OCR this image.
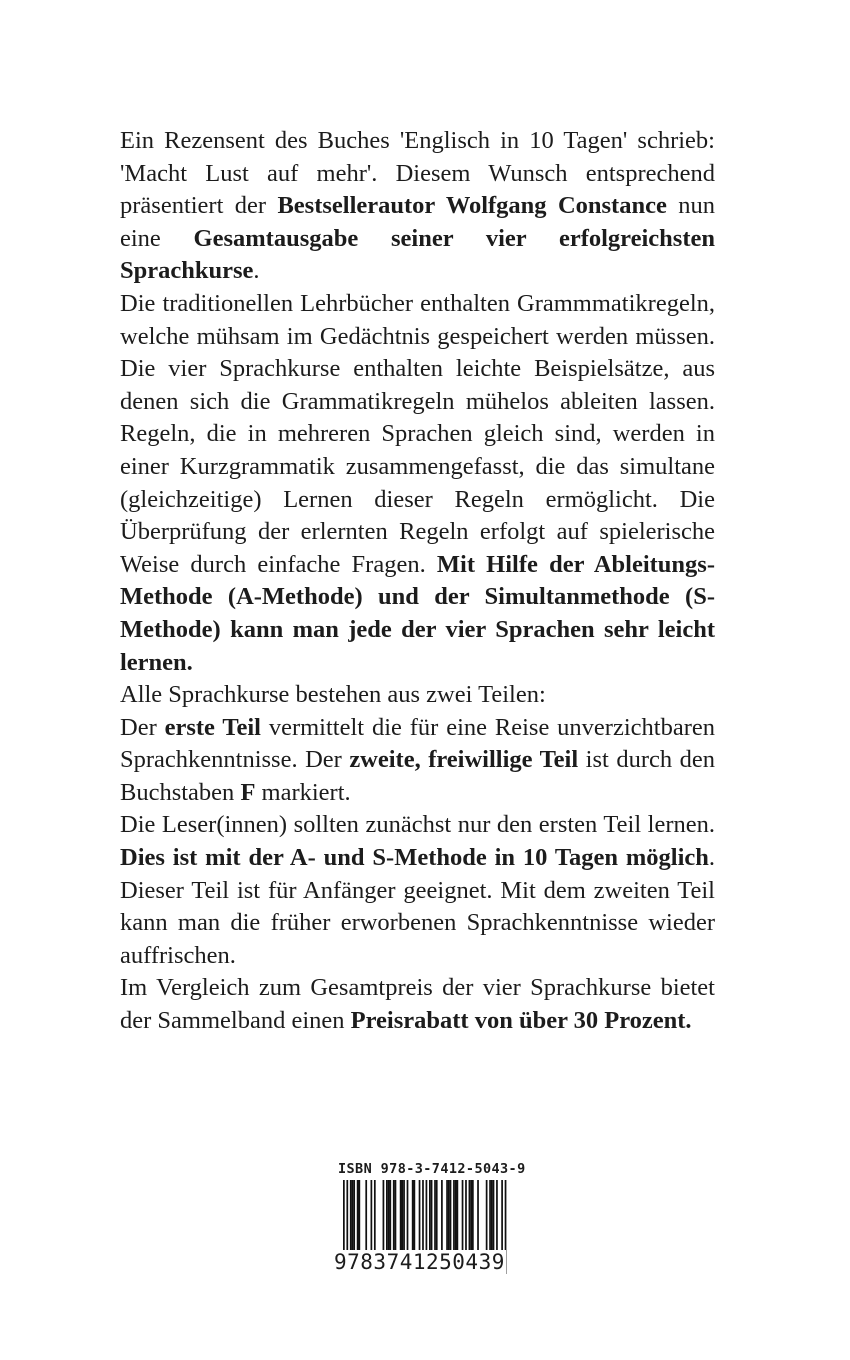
Ein Rezensent des Buches 'Englisch in 10 Tagen' schrieb: 'Macht Lust auf mehr'. Diesem Wunsch entsprechend präsentiert der Bestsellerautor Wolfgang Constance nun eine Gesamtausgabe seiner vier erfolgreichsten Sprachkurse.

Die traditionellen Lehrbücher enthalten Grammmatikregeln, welche mühsam im Gedächtnis gespeichert werden müssen. Die vier Sprachkurse enthalten leichte Beispielsätze, aus denen sich die Grammatikregeln mühelos ableiten lassen. Regeln, die in mehreren Sprachen gleich sind, werden in einer Kurzgrammatik zusammengefasst, die das simultane (gleichzeitige) Lernen dieser Regeln ermöglicht. Die Überprüfung der erlernten Regeln erfolgt auf spielerische Weise durch einfache Fragen. Mit Hilfe der AbleitungsMethode (A-Methode) und der Simultanmethode (S-Methode) kann man jede der vier Sprachen sehr leicht lernen.

Alle Sprachkurse bestehen aus zwei Teilen:

Der erste Teil vermittelt die für eine Reise unverzichtbaren Sprachkenntnisse. Der zweite, freiwillige Teil ist durch den Buchstaben F markiert.

Die Leser(innen) sollten zunächst nur den ersten Teil lernen. Dies ist mit der A- und S-Methode in 10 Tagen möglich. Dieser Teil ist für Anfänger geeignet. Mit dem zweiten Teil kann man die früher erworbenen Sprachkenntnisse wieder auffrischen.

Im Vergleich zum Gesamtpreis der vier Sprachkurse bietet der Sammelband einen Preisrabatt von über 30 Prozent.

ISBN 978-3-7412-5043-9
9783741250439
